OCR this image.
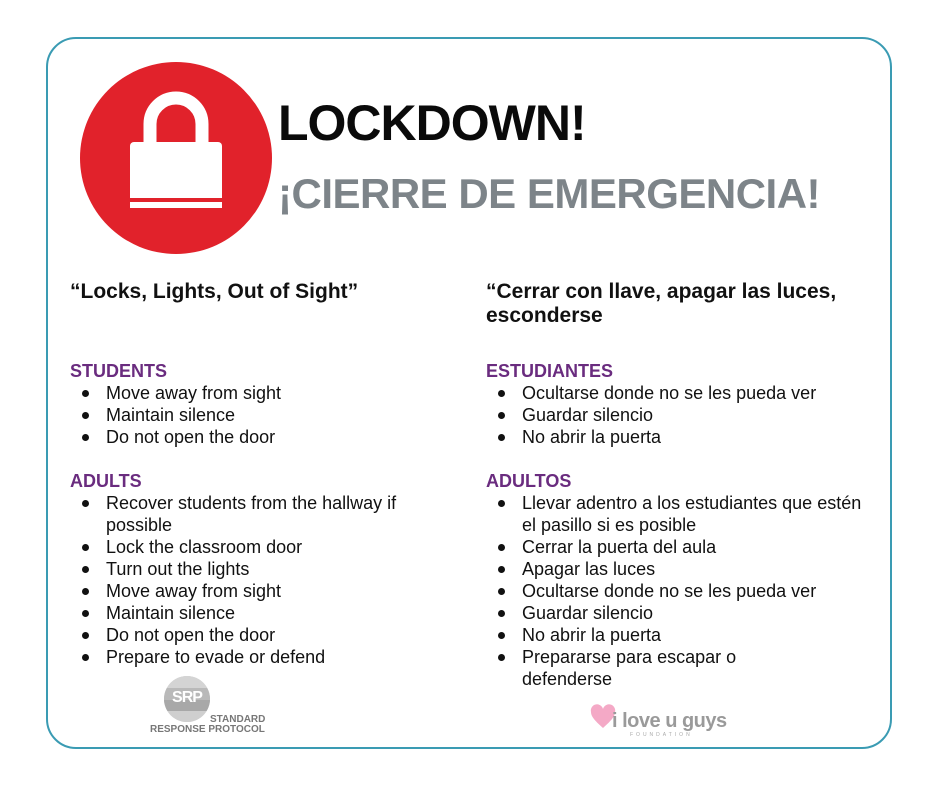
LOCKDOWN!
¡CIERRE DE EMERGENCIA!

“Locks, Lights, Out of Sight”

STUDENTS

Move away from sight
Maintain silence
Do not open the door

ADULTS

Recover students from the hallway if possible
Lock the classroom door
Turn out the lights
Move away from sight
Maintain silence
Do not open the door
Prepare to evade or defend

“Cerrar con llave, apagar las luces, esconderse

ESTUDIANTES

Ocultarse donde no se les pueda ver
Guardar silencio
No abrir la puerta

ADULTOS

Llevar adentro a los estudiantes que estén el pasillo si es posible
Cerrar la puerta del aula
Apagar las luces
Ocultarse donde no se les pueda ver
Guardar silencio
No abrir la puerta
Prepararse para escapar o defenderse
SRP
STANDARD
RESPONSE PROTOCOL	i love u guys
FOUNDATION
